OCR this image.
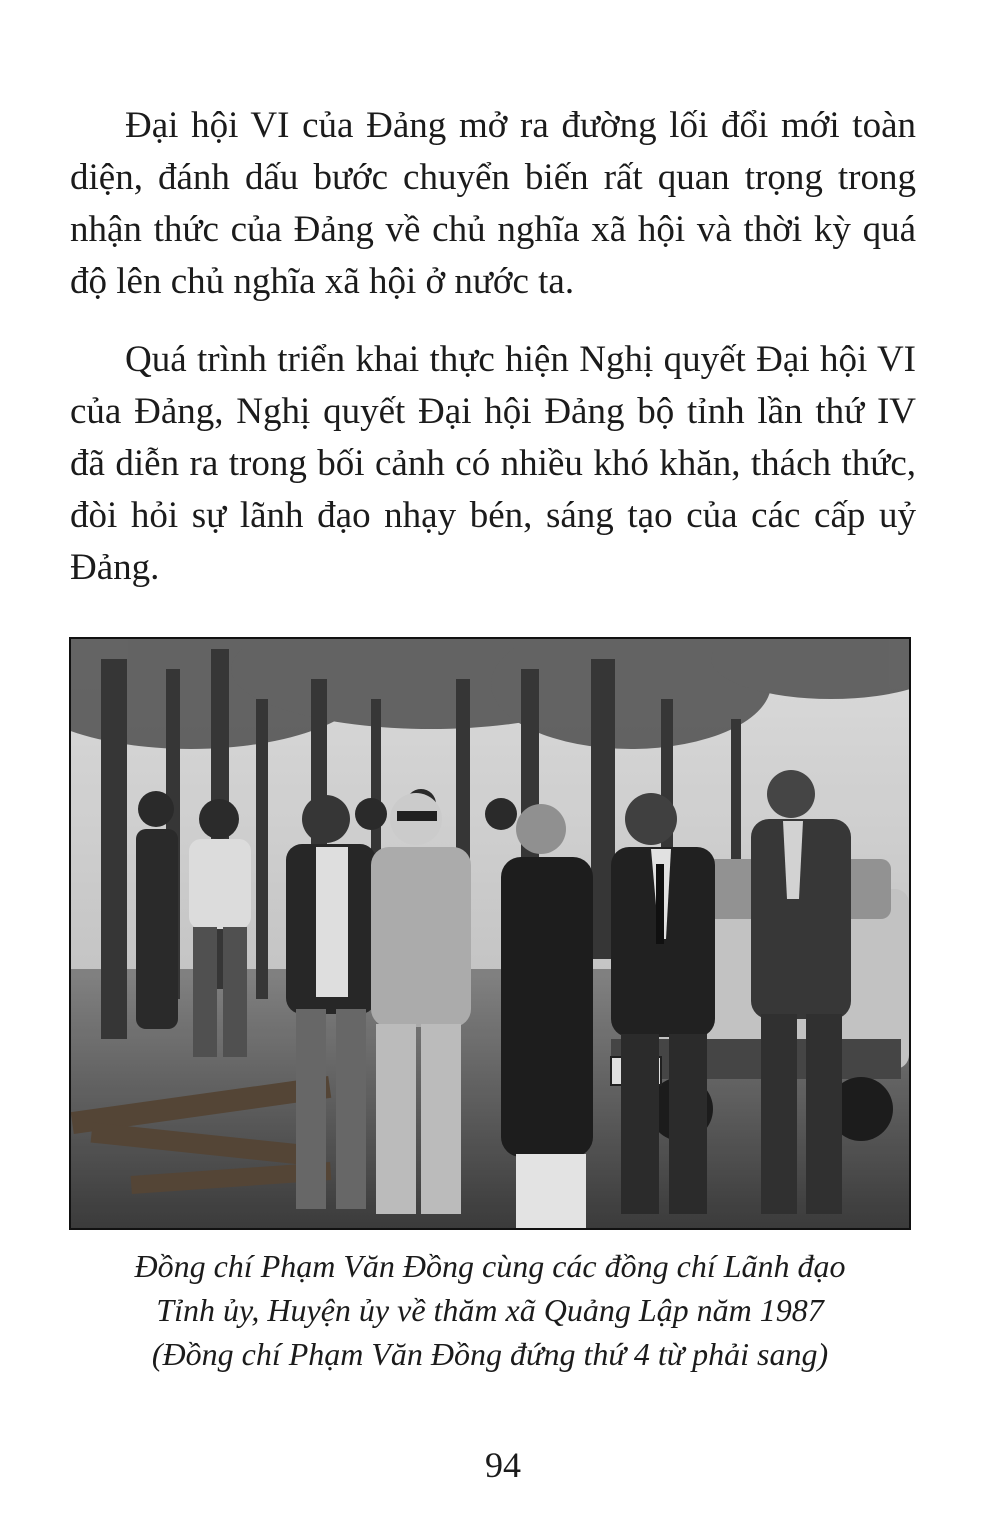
Đại hội VI của Đảng mở ra đường lối đổi mới toàn diện, đánh dấu bước chuyển biến rất quan trọng trong nhận thức của Đảng về chủ nghĩa xã hội và thời kỳ quá độ lên chủ nghĩa xã hội ở nước ta.

Quá trình triển khai thực hiện Nghị quyết Đại hội VI của Đảng, Nghị quyết Đại hội Đảng bộ tỉnh lần thứ IV đã diễn ra trong bối cảnh có nhiều khó khăn, thách thức, đòi hỏi sự lãnh đạo nhạy bén, sáng tạo của các cấp uỷ Đảng.

Đồng chí Phạm Văn Đồng cùng các đồng chí Lãnh đạo
Tỉnh ủy, Huyện ủy về thăm xã Quảng Lập năm 1987
(Đồng chí Phạm Văn Đồng đứng thứ 4 từ phải sang)

94
